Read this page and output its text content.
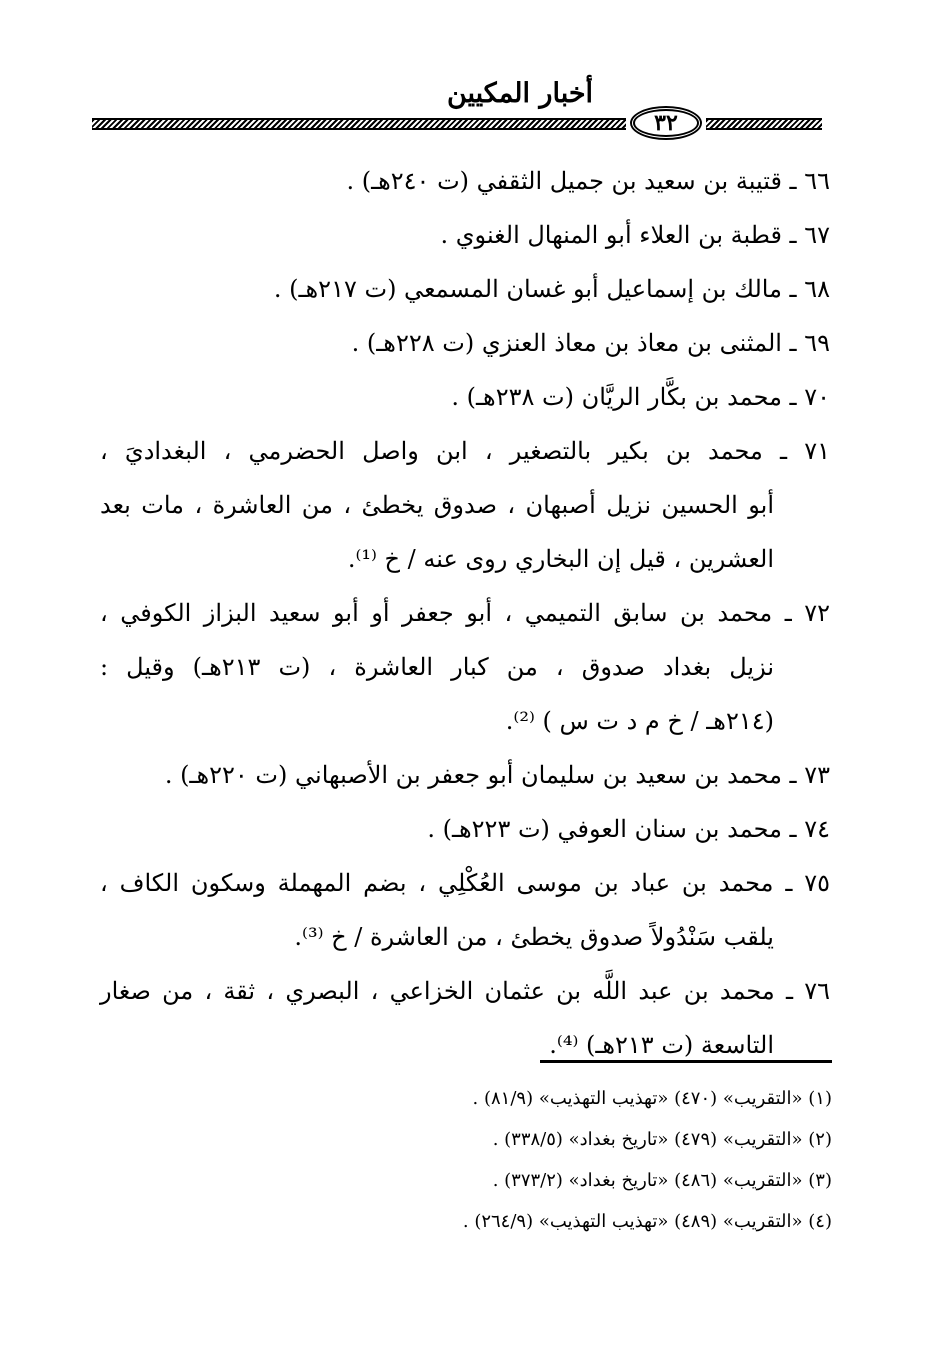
أخبار المكيين
٣٢

٦٦ ـ قتيبة بن سعيد بن جميل الثقفي (ت ٢٤٠هـ) .

٦٧ ـ قطبة بن العلاء أبو المنهال الغنوي .

٦٨ ـ مالك بن إسماعيل أبو غسان المسمعي (ت ٢١٧هـ) .

٦٩ ـ المثنى بن معاذ بن معاذ العنزي (ت ٢٢٨هـ) .

٧٠ ـ محمد بن بكَّار الريَّان (ت ٢٣٨هـ) .

٧١ ـ محمد بن بكير بالتصغير ، ابن واصل الحضرمي ، البغداديَ ،
أبو الحسين نزيل أصبهان ، صدوق يخطئ ، من العاشرة ، مات بعد
العشرين ، قيل إن البخاري روى عنه / خ ⁽¹⁾.

٧٢ ـ محمد بن سابق التميمي ، أبو جعفر أو أبو سعيد البزاز الكوفي ،
نزيل بغداد صدوق ، من كبار العاشرة ، (ت ٢١٣هـ) وقيل :
(٢١٤هـ / خ م د ت س ) ⁽²⁾.

٧٣ ـ محمد بن سعيد بن سليمان أبو جعفر بن الأصبهاني (ت ٢٢٠هـ) .

٧٤ ـ محمد بن سنان العوفي (ت ٢٢٣هـ) .

٧٥ ـ محمد بن عباد بن موسى العُكْلِي ، بضم المهملة وسكون الكاف ،
يلقب سَنْدُولاً صدوق يخطئ ، من العاشرة / خ ⁽³⁾.

٧٦ ـ محمد بن عبد اللَّه بن عثمان الخزاعي ، البصري ، ثقة ، من صغار
التاسعة (ت ٢١٣هـ) ⁽⁴⁾.

(١) «التقريب» (٤٧٠) «تهذيب التهذيب» (٨١/٩) .

(٢) «التقريب» (٤٧٩) «تاريخ بغداد» (٣٣٨/٥) .

(٣) «التقريب» (٤٨٦) «تاريخ بغداد» (٣٧٣/٢) .

(٤) «التقريب» (٤٨٩) «تهذيب التهذيب» (٢٦٤/٩) .
